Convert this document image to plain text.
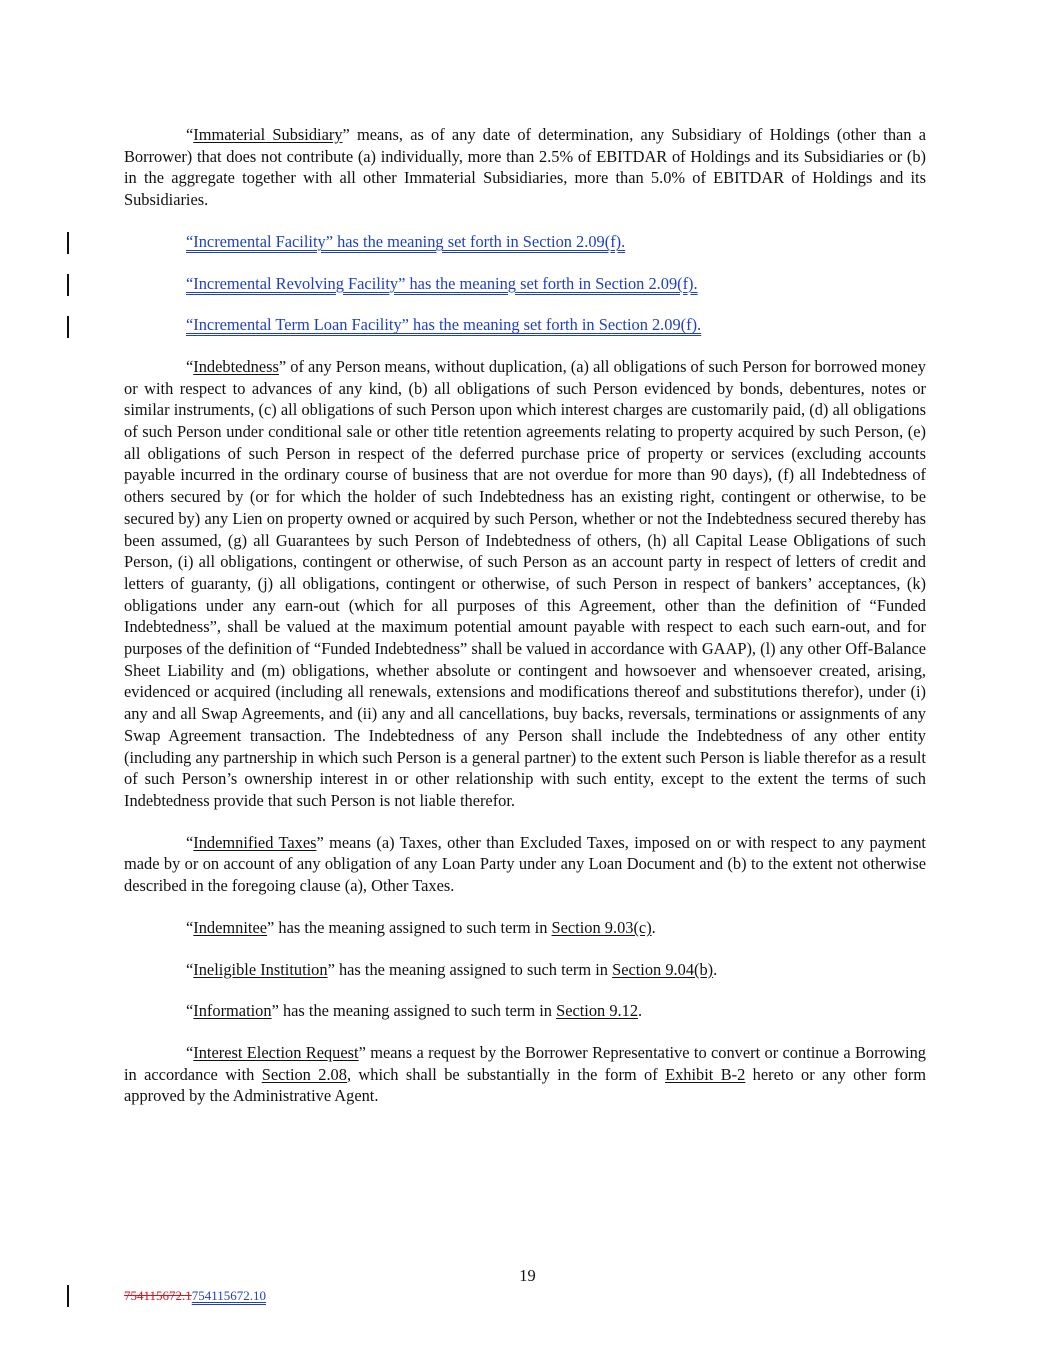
“Immaterial Subsidiary” means, as of any date of determination, any Subsidiary of Holdings (other than a Borrower) that does not contribute (a) individually, more than 2.5% of EBITDAR of Holdings and its Subsidiaries or (b) in the aggregate together with all other Immaterial Subsidiaries, more than 5.0% of EBITDAR of Holdings and its Subsidiaries.

“Incremental Facility” has the meaning set forth in Section 2.09(f).

“Incremental Revolving Facility” has the meaning set forth in Section 2.09(f).

“Incremental Term Loan Facility” has the meaning set forth in Section 2.09(f).

“Indebtedness” of any Person means, without duplication, (a) all obligations of such Person for borrowed money or with respect to advances of any kind, (b) all obligations of such Person evidenced by bonds, debentures, notes or similar instruments, (c) all obligations of such Person upon which interest charges are customarily paid, (d) all obligations of such Person under conditional sale or other title retention agreements relating to property acquired by such Person, (e) all obligations of such Person in respect of the deferred purchase price of property or services (excluding accounts payable incurred in the ordinary course of business that are not overdue for more than 90 days), (f) all Indebtedness of others secured by (or for which the holder of such Indebtedness has an existing right, contingent or otherwise, to be secured by) any Lien on property owned or acquired by such Person, whether or not the Indebtedness secured thereby has been assumed, (g) all Guarantees by such Person of Indebtedness of others, (h) all Capital Lease Obligations of such Person, (i) all obligations, contingent or otherwise, of such Person as an account party in respect of letters of credit and letters of guaranty, (j) all obligations, contingent or otherwise, of such Person in respect of bankers’ acceptances, (k) obligations under any earn-out (which for all purposes of this Agreement, other than the definition of “Funded Indebtedness”, shall be valued at the maximum potential amount payable with respect to each such earn-out, and for purposes of the definition of “Funded Indebtedness” shall be valued in accordance with GAAP), (l) any other Off-Balance Sheet Liability and (m) obligations, whether absolute or contingent and howsoever and whensoever created, arising, evidenced or acquired (including all renewals, extensions and modifications thereof and substitutions therefor), under (i) any and all Swap Agreements, and (ii) any and all cancellations, buy backs, reversals, terminations or assignments of any Swap Agreement transaction. The Indebtedness of any Person shall include the Indebtedness of any other entity (including any partnership in which such Person is a general partner) to the extent such Person is liable therefor as a result of such Person’s ownership interest in or other relationship with such entity, except to the extent the terms of such Indebtedness provide that such Person is not liable therefor.

“Indemnified Taxes” means (a) Taxes, other than Excluded Taxes, imposed on or with respect to any payment made by or on account of any obligation of any Loan Party under any Loan Document and (b) to the extent not otherwise described in the foregoing clause (a), Other Taxes.

“Indemnitee” has the meaning assigned to such term in Section 9.03(c).

“Ineligible Institution” has the meaning assigned to such term in Section 9.04(b).

“Information” has the meaning assigned to such term in Section 9.12.

“Interest Election Request” means a request by the Borrower Representative to convert or continue a Borrowing in accordance with Section 2.08, which shall be substantially in the form of Exhibit B-2 hereto or any other form approved by the Administrative Agent.

19
754115672.1754115672.10
